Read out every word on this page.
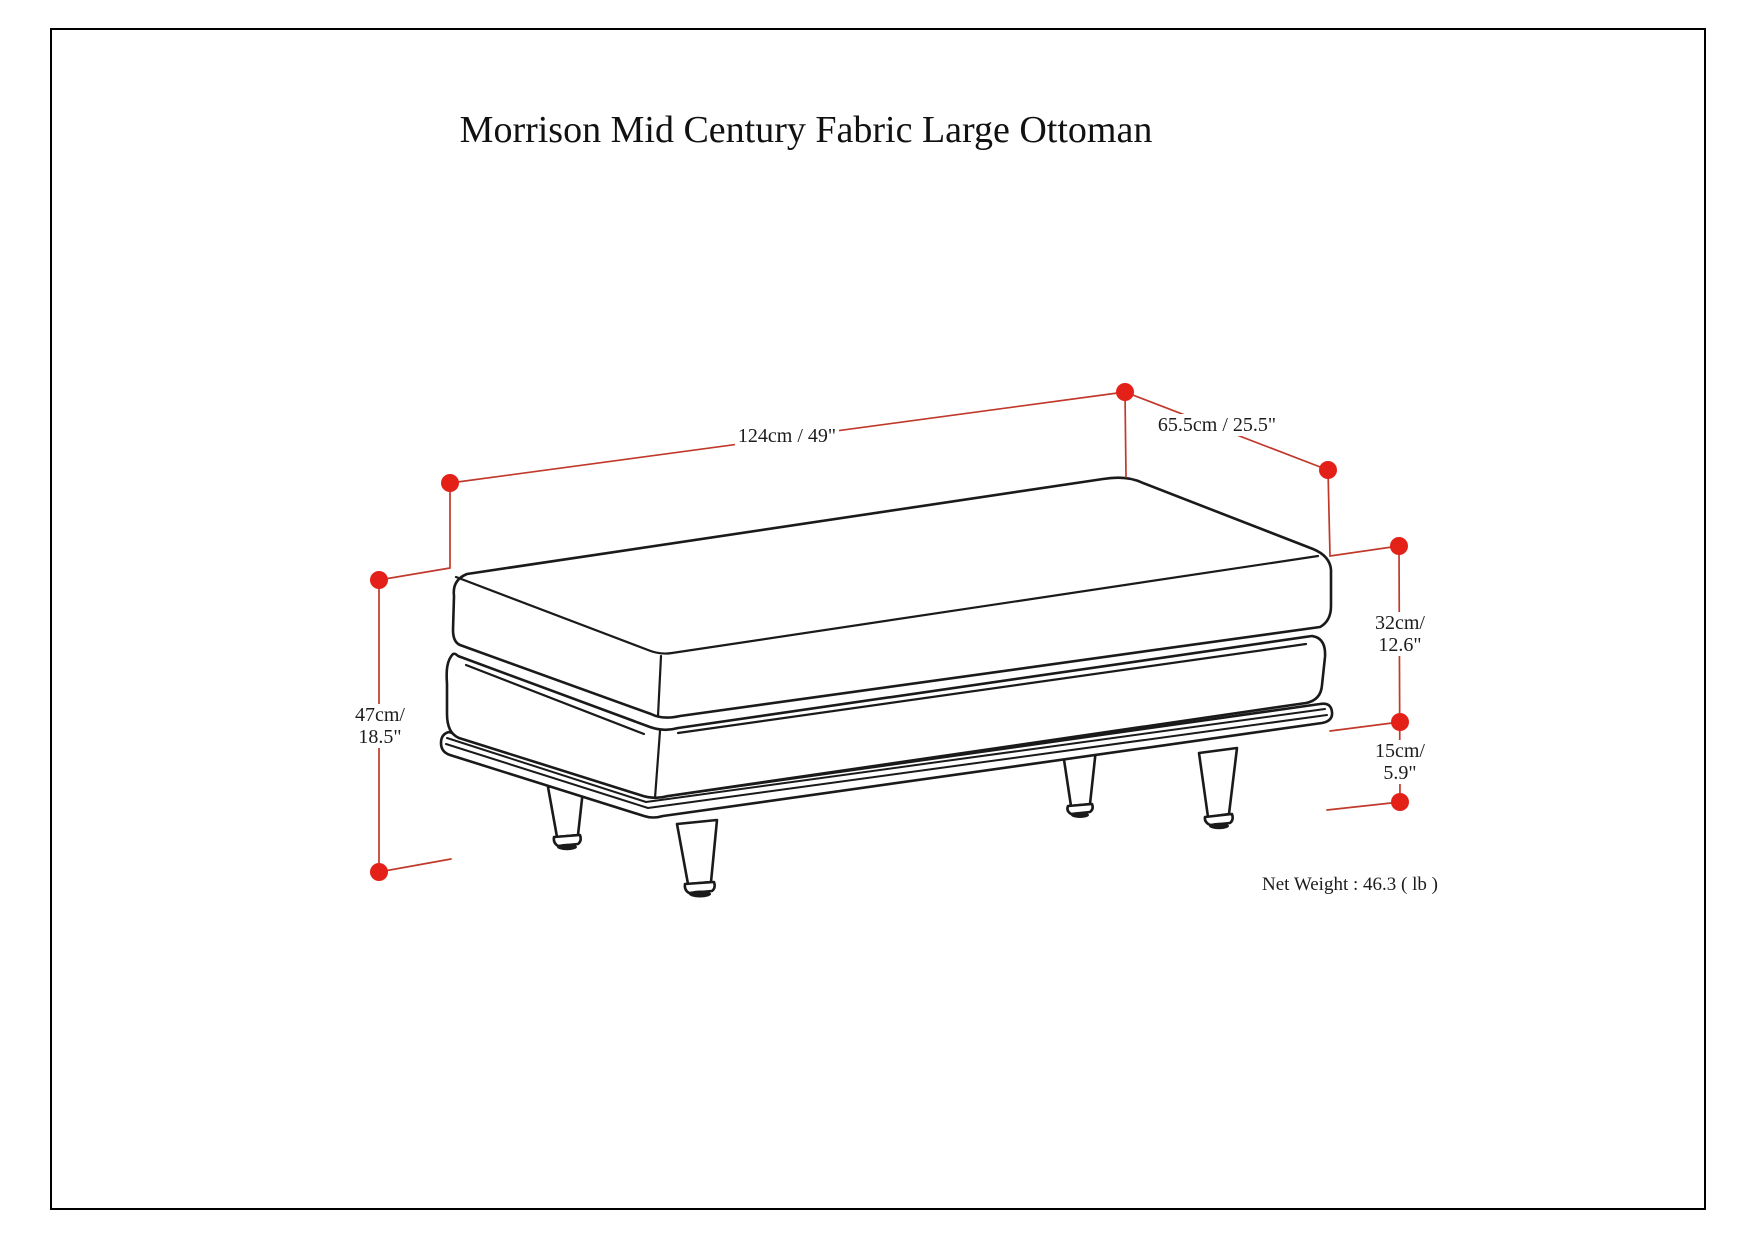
Morrison Mid Century Fabric Large Ottoman
124cm / 49"	65.5cm / 25.5"
47cm/
18.5"
32cm/
12.6"
15cm/
5.9"
Net Weight : 46.3 ( lb )
